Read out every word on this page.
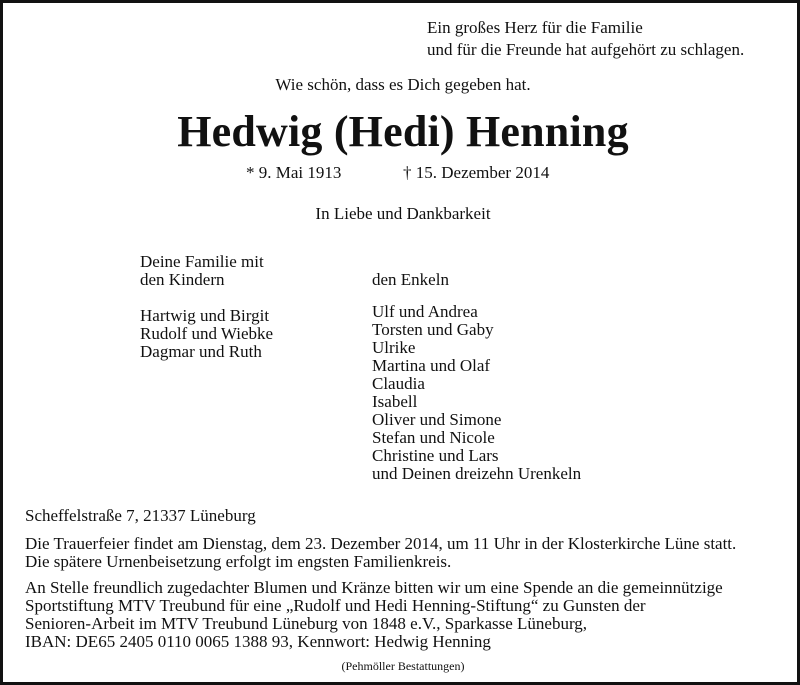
Ein großes Herz für die Familie
und für die Freunde hat aufgehört zu schlagen.
Wie schön, dass es Dich gegeben hat.
Hedwig (Hedi) Henning
* 9. Mai 1913	† 15. Dezember 2014
In Liebe und Dankbarkeit
Deine Familie mit
den Kindern	den Enkeln
Hartwig und Birgit
Rudolf und Wiebke
Dagmar und Ruth
Ulf und Andrea
Torsten und Gaby
Ulrike
Martina und Olaf
Claudia
Isabell
Oliver und Simone
Stefan und Nicole
Christine und Lars
und Deinen dreizehn Urenkeln
Scheffelstraße 7, 21337 Lüneburg
Die Trauerfeier findet am Dienstag, dem 23. Dezember 2014, um 11 Uhr in der Klosterkirche Lüne statt.
Die spätere Urnenbeisetzung erfolgt im engsten Familienkreis.
An Stelle freundlich zugedachter Blumen und Kränze bitten wir um eine Spende an die gemeinnützige
Sportstiftung MTV Treubund für eine „Rudolf und Hedi Henning-Stiftung“ zu Gunsten der
Senioren-Arbeit im MTV Treubund Lüneburg von 1848 e.V., Sparkasse Lüneburg,
IBAN: DE65 2405 0110 0065 1388 93, Kennwort: Hedwig Henning
(Pehmöller Bestattungen)
